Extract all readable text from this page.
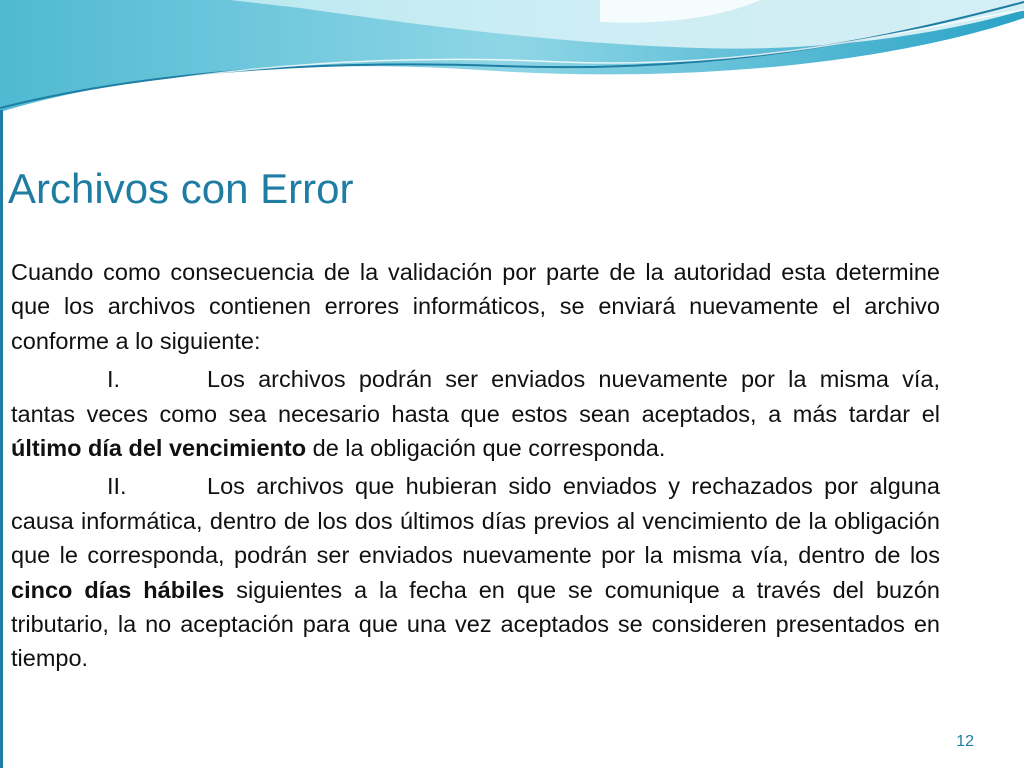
Archivos con Error

Cuando como consecuencia de la validación por parte de la autoridad esta determine que los archivos contienen errores informáticos, se enviará nuevamente el archivo conforme a lo siguiente:

I.	Los archivos podrán ser enviados nuevamente por la misma vía, tantas veces como sea necesario hasta que estos sean aceptados, a más tardar el último día del vencimiento de la obligación que corresponda.

II.	Los archivos que hubieran sido enviados y rechazados por alguna causa informática, dentro de los dos últimos días previos al vencimiento de la obligación que le corresponda, podrán ser enviados nuevamente por la misma vía, dentro de los cinco días hábiles siguientes a la fecha en que se comunique a través del buzón tributario, la no aceptación para que una vez aceptados se consideren presentados en tiempo.

12
